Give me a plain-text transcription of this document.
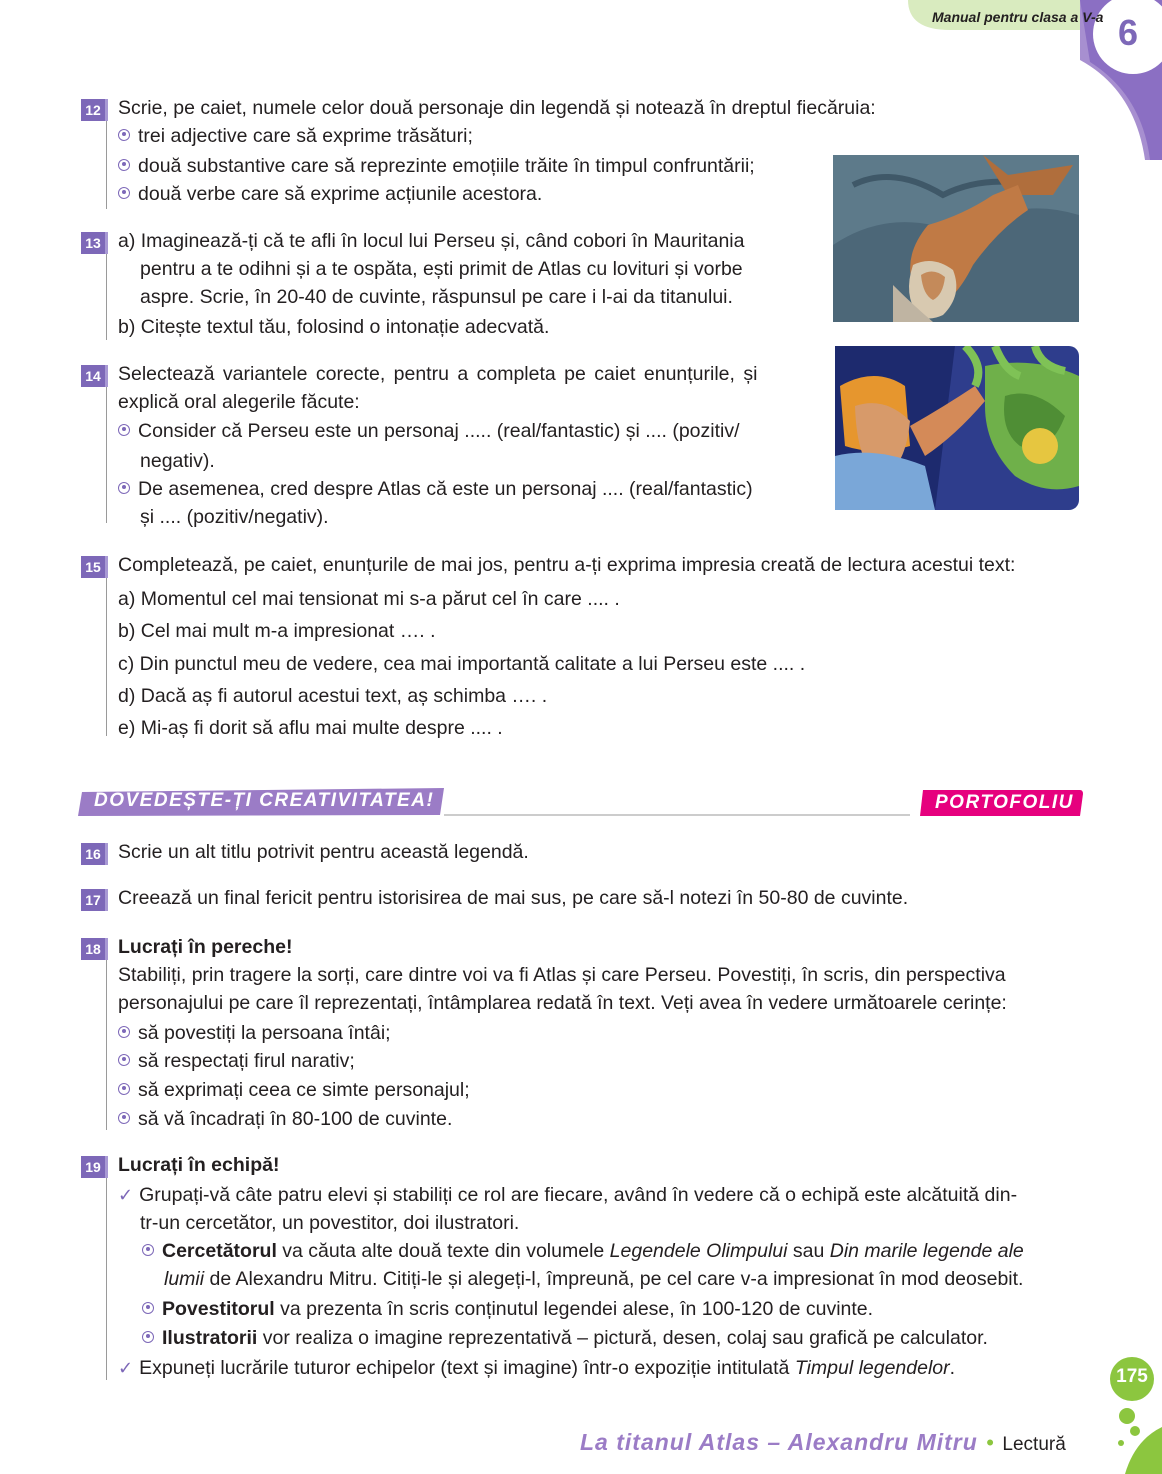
Manual pentru clasa a V-a 6
12 Scrie, pe caiet, numele celor două personaje din legendă și notează în dreptul fiecăruia:
trei adjective care să exprime trăsături;
două substantive care să reprezinte emoțiile trăite în timpul confruntării;
două verbe care să exprime acțiunile acestora.
13 a) Imaginează-ți că te afli în locul lui Perseu și, când cobori în Mauritania
pentru a te odihni și a te ospăta, ești primit de Atlas cu lovituri și vorbe
aspre. Scrie, în 20-40 de cuvinte, răspunsul pe care i l-ai da titanului.
b) Citește textul tău, folosind o intonație adecvată.
14 Selectează variantele corecte, pentru a completa pe caiet enunțurile, și
explică oral alegerile făcute:
Consider că Perseu este un personaj ..... (real/fantastic) și .... (pozitiv/
negativ).
De asemenea, cred despre Atlas că este un personaj .... (real/fantastic)
și .... (pozitiv/negativ).
15 Completează, pe caiet, enunțurile de mai jos, pentru a-ți exprima impresia creată de lectura acestui text:
a) Momentul cel mai tensionat mi s-a părut cel în care .... .
b) Cel mai mult m-a impresionat …. .
c) Din punctul meu de vedere, cea mai importantă calitate a lui Perseu este .... .
d) Dacă aș fi autorul acestui text, aș schimba …. .
e) Mi-aș fi dorit să aflu mai multe despre .... .
DOVEDEȘTE-ȚI CREATIVITATEA!	PORTOFOLIU
16 Scrie un alt titlu potrivit pentru această legendă.
17 Creează un final fericit pentru istorisirea de mai sus, pe care să-l notezi în 50-80 de cuvinte.
18 Lucrați în pereche!
Stabiliți, prin tragere la sorți, care dintre voi va fi Atlas și care Perseu. Povestiți, în scris, din perspectiva
personajului pe care îl reprezentați, întâmplarea redată în text. Veți avea în vedere următoarele cerințe:
să povestiți la persoana întâi;
să respectați firul narativ;
să exprimați ceea ce simte personajul;
să vă încadrați în 80-100 de cuvinte.
19 Lucrați în echipă!
✓ Grupați-vă câte patru elevi și stabiliți ce rol are fiecare, având în vedere că o echipă este alcătuită din-
tr-un cercetător, un povestitor, doi ilustratori.
Cercetătorul va căuta alte două texte din volumele Legendele Olimpului sau Din marile legende ale
lumii de Alexandru Mitru. Citiți-le și alegeți-l, împreună, pe cel care v-a impresionat în mod deosebit.
Povestitorul va prezenta în scris conținutul legendei alese, în 100-120 de cuvinte.
Ilustratorii vor realiza o imagine reprezentativă – pictură, desen, colaj sau grafică pe calculator.
✓ Expuneți lucrările tuturor echipelor (text și imagine) într-o expoziție intitulată Timpul legendelor.	175
La titanul Atlas – Alexandru Mitru • Lectură
